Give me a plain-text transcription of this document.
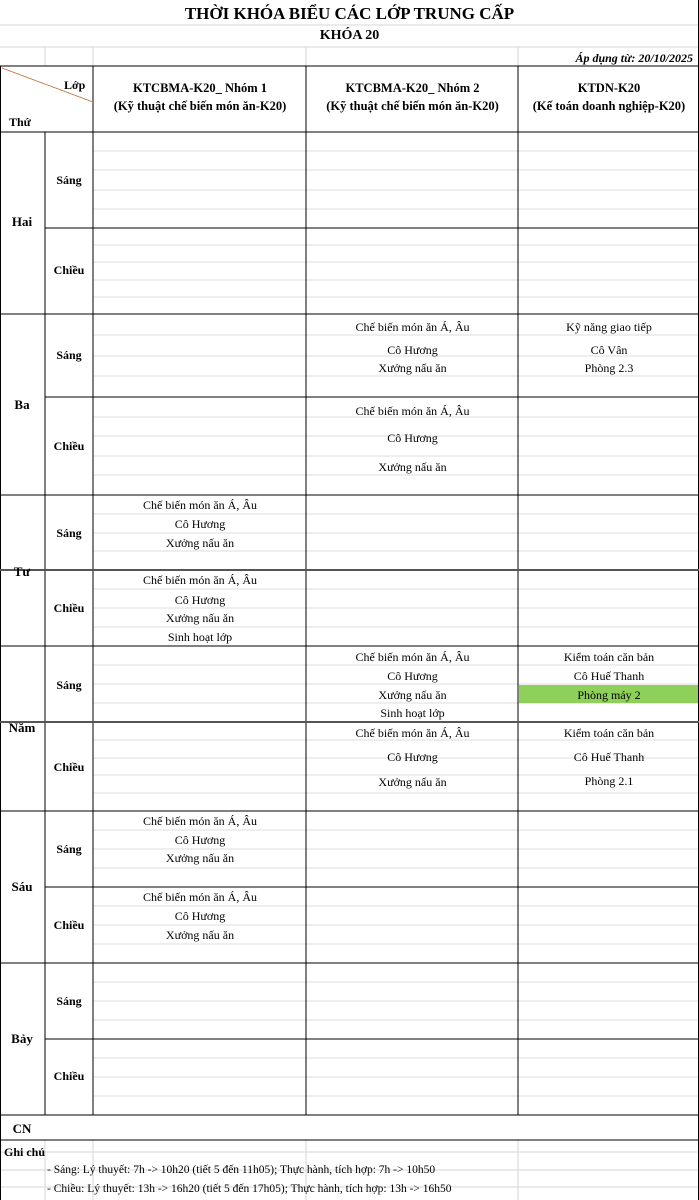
THỜI KHÓA BIỂU CÁC LỚP TRUNG CẤP
KHÓA 20
Áp dụng từ: 20/10/2025
Lớp
Thứ
KTCBMA-K20_ Nhóm 1
(Kỹ thuật chế biến món ăn-K20)
KTCBMA-K20_ Nhóm 2
(Kỹ thuật chế biến món ăn-K20)
KTDN-K20
(Kế toán doanh nghiệp-K20)
Hai
Ba
Tư
Năm
Sáu
Bảy
CN
Sáng
Chiều
Sáng
Chiều
Sáng
Chiều
Sáng
Chiều
Sáng
Chiều
Sáng
Chiều
Chế biến món ăn Á, Âu
Cô Hương
Xưởng nấu ăn
Kỹ năng giao tiếp
Cô Vân
Phòng 2.3
Chế biến món ăn Á, Âu
Cô Hương
Xưởng nấu ăn
Chế biến món ăn Á, Âu
Cô Hương
Xưởng nấu ăn
Chế biến món ăn Á, Âu
Cô Hương
Xưởng nấu ăn
Sinh hoạt lớp
Chế biến món ăn Á, Âu
Cô Hương
Xưởng nấu ăn
Sinh hoạt lớp
Kiểm toán căn bản
Cô Huế Thanh
Phòng máy 2
Chế biến món ăn Á, Âu
Cô Hương
Xưởng nấu ăn
Kiểm toán căn bản
Cô Huế Thanh
Phòng 2.1
Chế biến món ăn Á, Âu
Cô Hương
Xưởng nấu ăn
Chế biến món ăn Á, Âu
Cô Hương
Xưởng nấu ăn
Ghi chú
- Sáng: Lý thuyết: 7h -> 10h20 (tiết 5 đến 11h05); Thực hành, tích hợp: 7h -> 10h50
- Chiều: Lý thuyết: 13h -> 16h20 (tiết 5 đến 17h05); Thực hành, tích hợp: 13h -> 16h50
